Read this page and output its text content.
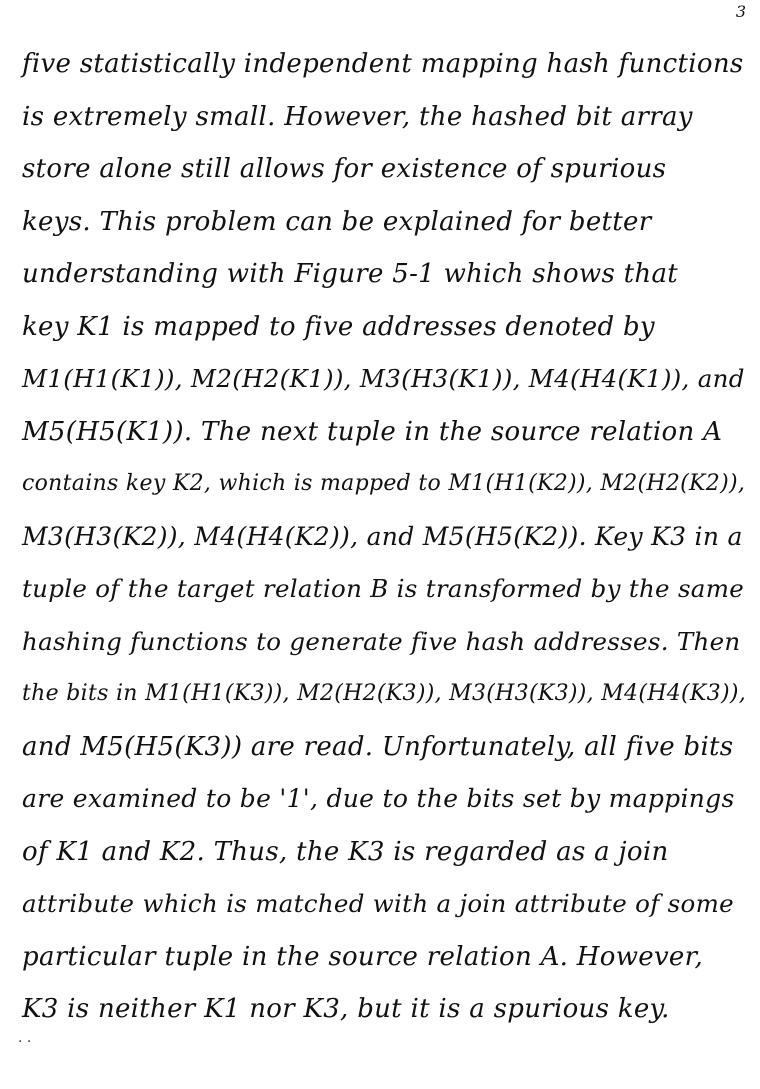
3
five statistically independent mapping hash functions
is extremely small. However, the hashed bit array
store alone still allows for existence of spurious
keys. This problem can be explained for better
understanding with Figure 5-1 which shows that
key K1 is mapped to five addresses denoted by
M1(H1(K1)), M2(H2(K1)), M3(H3(K1)), M4(H4(K1)), and
M5(H5(K1)). The next tuple in the source relation A
contains key K2, which is mapped to M1(H1(K2)), M2(H2(K2)),
M3(H3(K2)), M4(H4(K2)), and M5(H5(K2)). Key K3 in a
tuple of the target relation B is transformed by the same
hashing functions to generate five hash addresses. Then
the bits in M1(H1(K3)), M2(H2(K3)), M3(H3(K3)), M4(H4(K3)),
and M5(H5(K3)) are read. Unfortunately, all five bits
are examined to be '1', due to the bits set by mappings
of K1 and K2. Thus, the K3 is regarded as a join
attribute which is matched with a join attribute of some
particular tuple in the source relation A. However,
K3 is neither K1 nor K3, but it is a spurious key.
. .
